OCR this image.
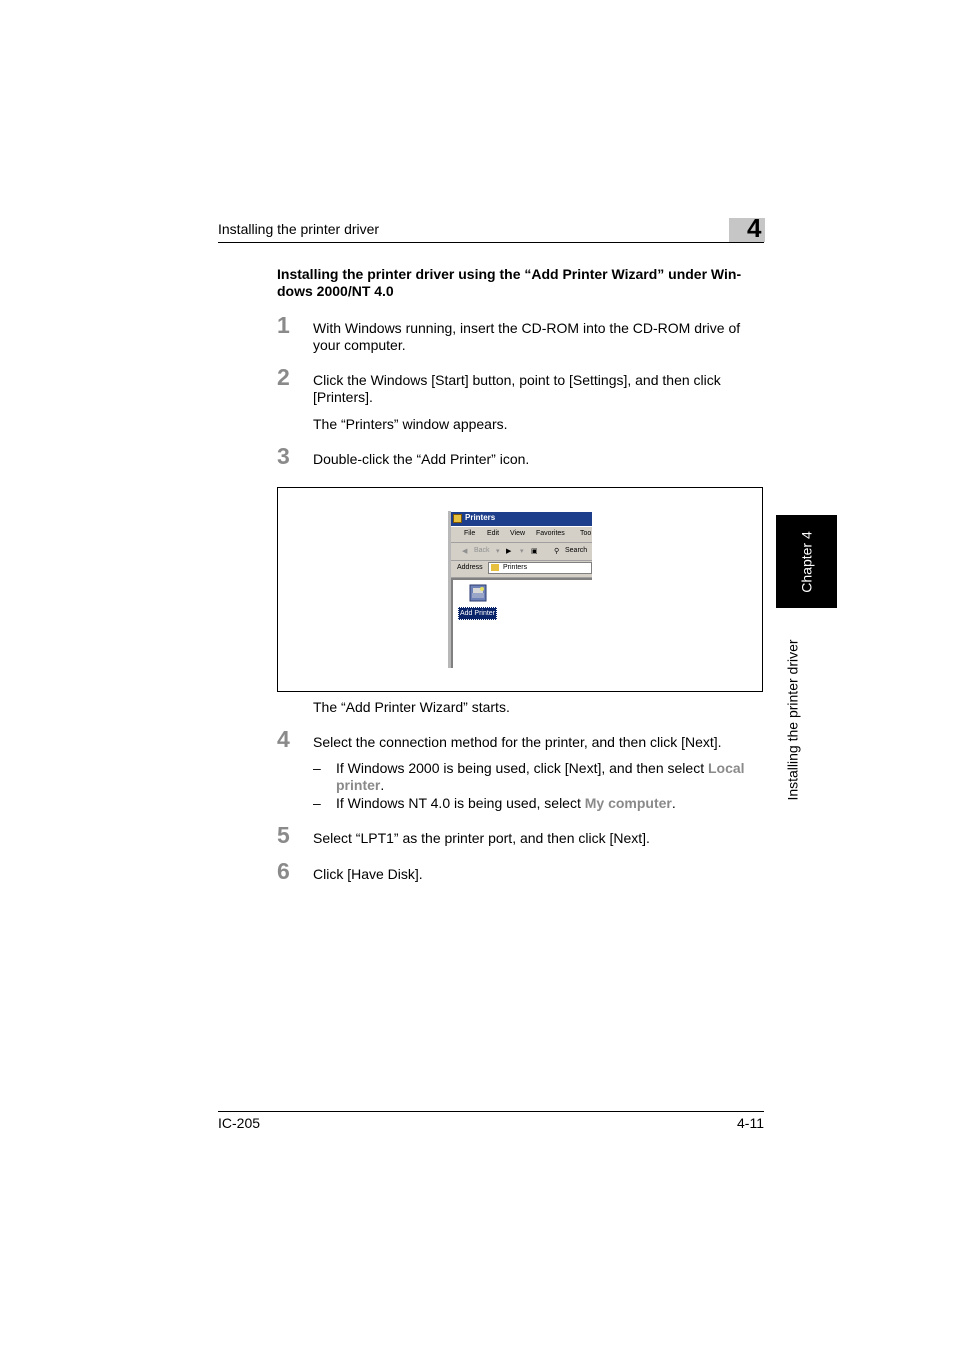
Installing the printer driver	4
Chapter 4
Installing the printer driver
Installing the printer driver using the “Add Printer Wizard” under Win-dows 2000/NT 4.0
1 With Windows running, insert the CD-ROM into the CD-ROM drive of your computer.
2 Click the Windows [Start] button, point to [Settings], and then click [Printers].
The “Printers” window appears.
3 Double-click the “Add Printer” icon.
Printers
File Edit View Favorites Too
◀ Back ▾ ▶ ▾ ▣ ⚲ Search
Address	Printers
Add Printer
The “Add Printer Wizard” starts.
4 Select the connection method for the printer, and then click [Next].
– If Windows 2000 is being used, click [Next], and then select Local printer.
– If Windows NT 4.0 is being used, select My computer.
5 Select “LPT1” as the printer port, and then click [Next].
6 Click [Have Disk].
IC-205	4-11
